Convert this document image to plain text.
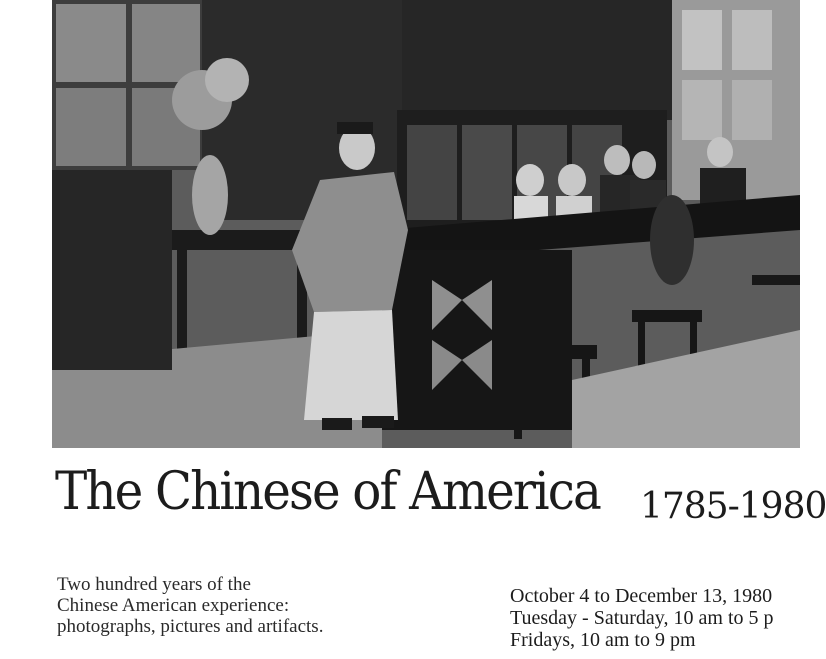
The Chinese of America 1785-1980
Two hundred years of the
Chinese American experience:
photographs, pictures and artifacts.
October 4 to December 13, 1980
Tuesday - Saturday, 10 am to 5 p
Fridays, 10 am to 9 pm
